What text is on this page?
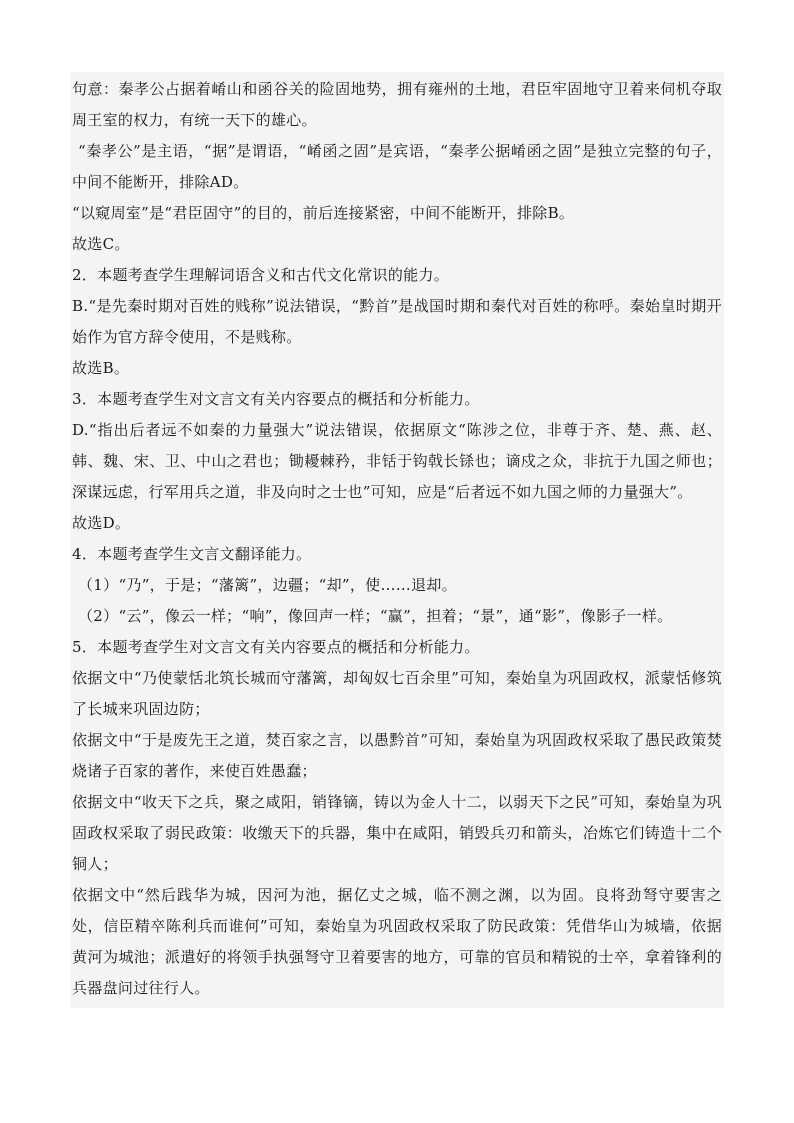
句意：秦孝公占据着崤山和函谷关的险固地势，拥有雍州的土地，君臣牢固地守卫着来伺机夺取周王室的权力，有统一天下的雄心。

“秦孝公”是主语，“据”是谓语，“崤函之固”是宾语，“秦孝公据崤函之固”是独立完整的句子，中间不能断开，排除AD。

“以窥周室”是“君臣固守”的目的，前后连接紧密，中间不能断开，排除B。

故选C。

2．本题考查学生理解词语含义和古代文化常识的能力。

B.“是先秦时期对百姓的贱称”说法错误，“黔首”是战国时期和秦代对百姓的称呼。秦始皇时期开始作为官方辞令使用，不是贱称。

故选B。

3．本题考查学生对文言文有关内容要点的概括和分析能力。

D.“指出后者远不如秦的力量强大”说法错误，依据原文“陈涉之位，非尊于齐、楚、燕、赵、韩、魏、宋、卫、中山之君也；锄耰棘矜，非铦于钩戟长铩也；谪戍之众，非抗于九国之师也；深谋远虑，行军用兵之道，非及向时之士也”可知，应是“后者远不如九国之师的力量强大”。

故选D。

4．本题考查学生文言文翻译能力。

（1）“乃”，于是；“藩篱”，边疆；“却”，使……退却。

（2）“云”，像云一样；“响”，像回声一样；“赢”，担着；“景”，通“影”，像影子一样。

5．本题考查学生对文言文有关内容要点的概括和分析能力。

依据文中“乃使蒙恬北筑长城而守藩篱，却匈奴七百余里”可知，秦始皇为巩固政权，派蒙恬修筑了长城来巩固边防；

依据文中“于是废先王之道，焚百家之言，以愚黔首”可知，秦始皇为巩固政权采取了愚民政策焚烧诸子百家的著作，来使百姓愚蠢；

依据文中“收天下之兵，聚之咸阳，销锋镝，铸以为金人十二，以弱天下之民”可知，秦始皇为巩固政权采取了弱民政策：收缴天下的兵器，集中在咸阳，销毁兵刃和箭头，冶炼它们铸造十二个铜人；

依据文中“然后践华为城，因河为池，据亿丈之城，临不测之渊，以为固。良将劲弩守要害之处，信臣精卒陈利兵而谁何”可知，秦始皇为巩固政权采取了防民政策：凭借华山为城墙，依据黄河为城池；派遣好的将领手执强弩守卫着要害的地方，可靠的官员和精锐的士卒，拿着锋利的兵器盘问过往行人。
